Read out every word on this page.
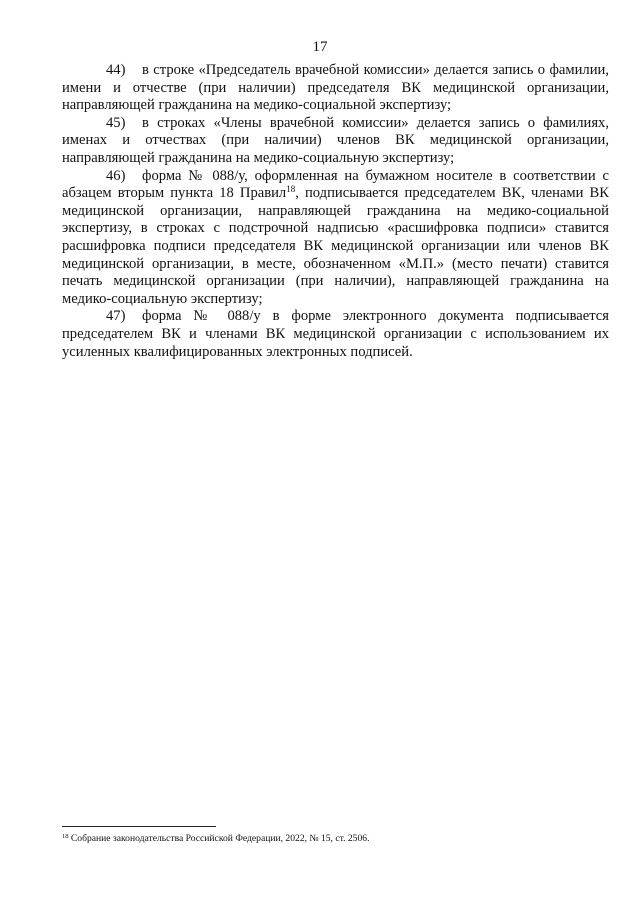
17

44) в строке «Председатель врачебной комиссии» делается запись о фамилии, имени и отчестве (при наличии) председателя ВК медицинской организации, направляющей гражданина на медико-социальной экспертизу;

45) в строках «Члены врачебной комиссии» делается запись о фамилиях, именах и отчествах (при наличии) членов ВК медицинской организации, направляющей гражданина на медико-социальную экспертизу;

46) форма № 088/у, оформленная на бумажном носителе в соответствии с абзацем вторым пункта 18 Правил$^{18}$, подписывается председателем ВК, членами ВК медицинской организации, направляющей гражданина на медико-социальной экспертизу, в строках с подстрочной надписью «расшифровка подписи» ставится расшифровка подписи председателя ВК медицинской организации или членов ВК медицинской организации, в месте, обозначенном «М.П.» (место печати) ставится печать медицинской организации (при наличии), направляющей гражданина на медико-социальную экспертизу;

47) форма № 088/у в форме электронного документа подписывается председателем ВК и членами ВК медицинской организации с использованием их усиленных квалифицированных электронных подписей.

$^{18}$ Собрание законодательства Российской Федерации, 2022, № 15, ст. 2506.
